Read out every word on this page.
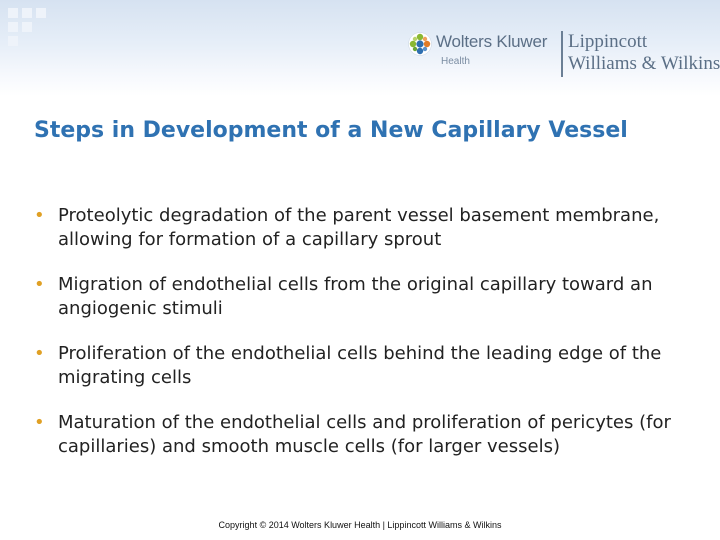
Wolters Kluwer
Health
Lippincott
Williams & Wilkins
Steps in Development of a New Capillary Vessel
• Proteolytic degradation of the parent vessel basement membrane, allowing for formation of a capillary sprout
• Migration of endothelial cells from the original capillary toward an angiogenic stimuli
• Proliferation of the endothelial cells behind the leading edge of the migrating cells
• Maturation of the endothelial cells and proliferation of pericytes (for capillaries) and smooth muscle cells (for larger vessels)
Copyright © 2014 Wolters Kluwer Health | Lippincott Williams & Wilkins
